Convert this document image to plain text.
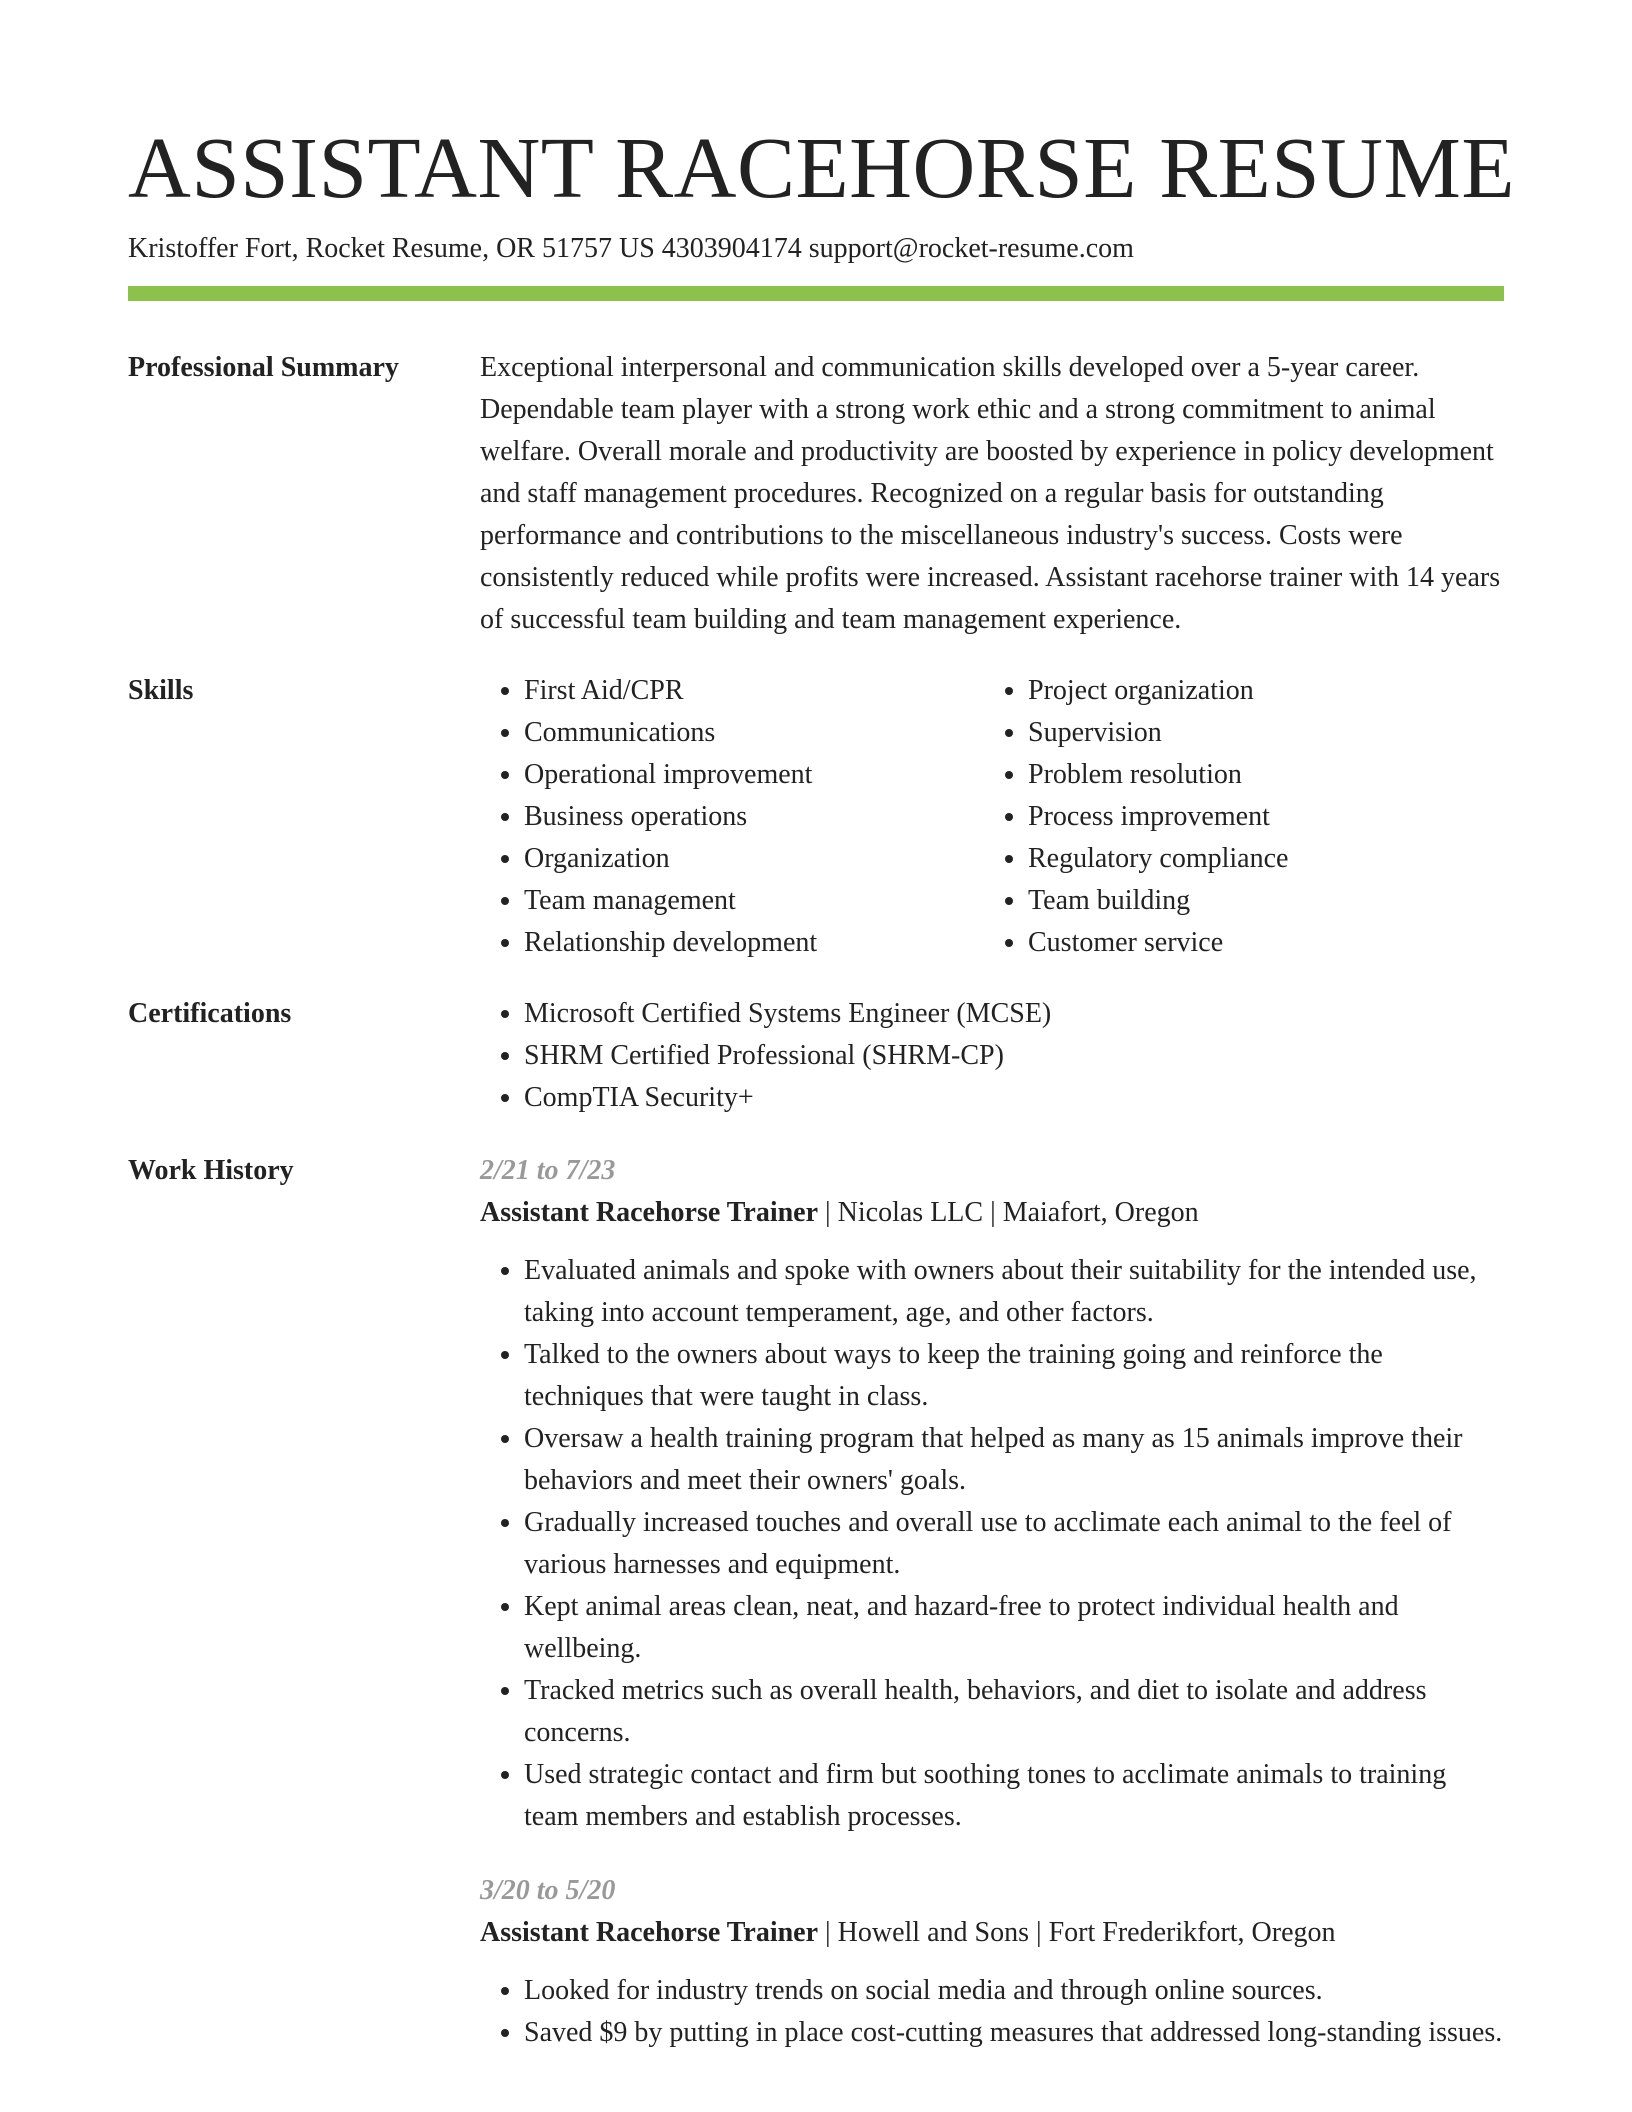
ASSISTANT RACEHORSE RESUME
Kristoffer Fort, Rocket Resume, OR 51757 US 4303904174 support@rocket-resume.com
Professional Summary	Exceptional interpersonal and communication skills developed over a 5-year career. Dependable team player with a strong work ethic and a strong commitment to animal welfare. Overall morale and productivity are boosted by experience in policy development and staff management procedures. Recognized on a regular basis for outstanding performance and contributions to the miscellaneous industry's success. Costs were consistently reduced while profits were increased. Assistant racehorse trainer with 14 years of successful team building and team management experience.

Skills	• First Aid/CPR
• Communications
• Operational improvement
• Business operations
• Organization
• Team management
• Relationship development
• Project organization
• Supervision
• Problem resolution
• Process improvement
• Regulatory compliance
• Team building
• Customer service
Certifications	• Microsoft Certified Systems Engineer (MCSE)
• SHRM Certified Professional (SHRM-CP)
• CompTIA Security+
Work History	2/21 to 7/23
Assistant Racehorse Trainer | Nicolas LLC | Maiafort, Oregon
• Evaluated animals and spoke with owners about their suitability for the intended use, taking into account temperament, age, and other factors.
• Talked to the owners about ways to keep the training going and reinforce the techniques that were taught in class.
• Oversaw a health training program that helped as many as 15 animals improve their behaviors and meet their owners' goals.
• Gradually increased touches and overall use to acclimate each animal to the feel of various harnesses and equipment.
• Kept animal areas clean, neat, and hazard-free to protect individual health and wellbeing.
• Tracked metrics such as overall health, behaviors, and diet to isolate and address concerns.
• Used strategic contact and firm but soothing tones to acclimate animals to training team members and establish processes.
3/20 to 5/20
Assistant Racehorse Trainer | Howell and Sons | Fort Frederikfort, Oregon
• Looked for industry trends on social media and through online sources.
• Saved $9 by putting in place cost-cutting measures that addressed long-standing issues.
